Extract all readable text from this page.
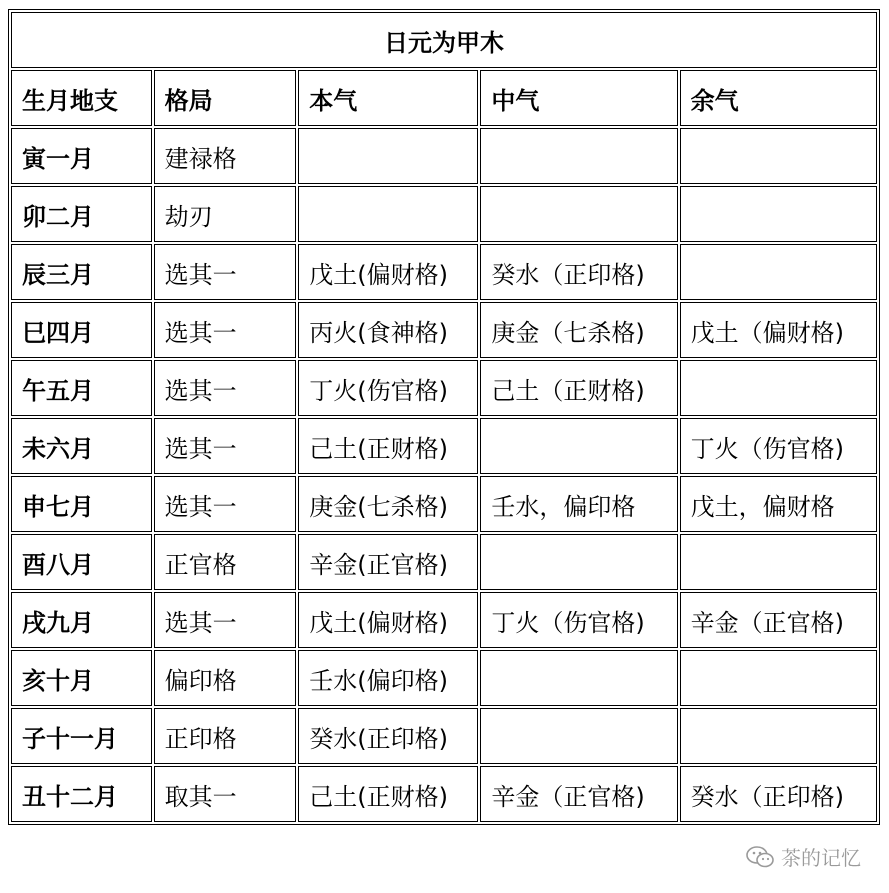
日元为甲木				
生月地支	格局	本气	中气	余气
寅一月	建禄格			
卯二月	劫刃			
辰三月	选其一	戊土(偏财格)	癸水（正印格)	
巳四月	选其一	丙火(食神格)	庚金（七杀格)	戊土（偏财格)
午五月	选其一	丁火(伤官格)	己土（正财格)	
未六月	选其一	己土(正财格)		丁火（伤官格)
申七月	选其一	庚金(七杀格)	壬水，偏印格	戊土，偏财格
酉八月	正官格	辛金(正官格)		
戌九月	选其一	戊土(偏财格)	丁火（伤官格)	辛金（正官格)
亥十月	偏印格	壬水(偏印格)		
子十一月	正印格	癸水(正印格)		
丑十二月	取其一	己土(正财格)	辛金（正官格)	癸水（正印格)
茶的记忆
